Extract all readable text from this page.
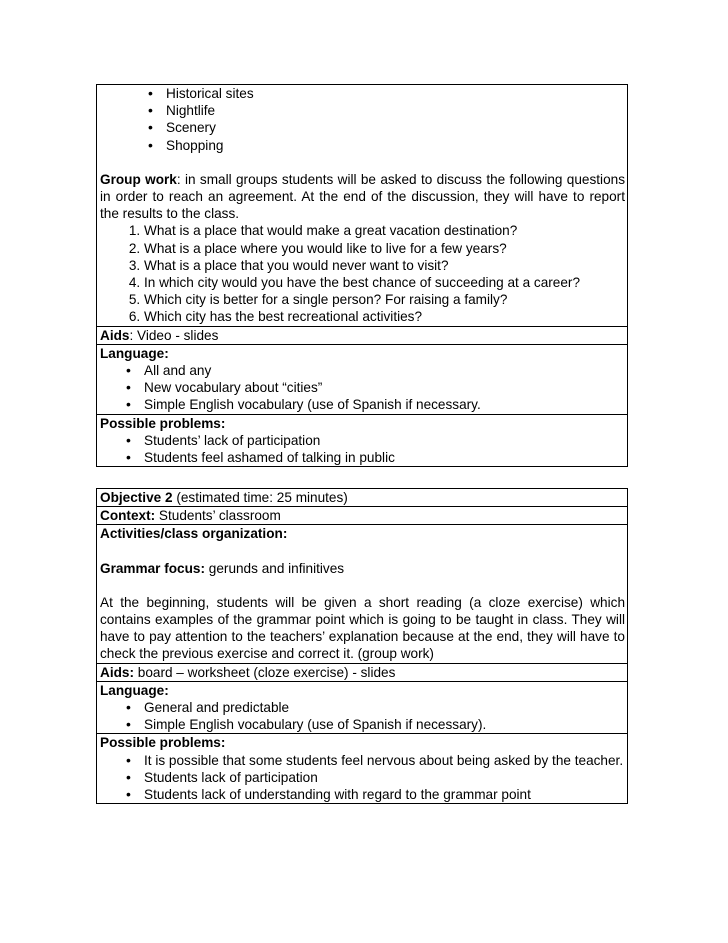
• Historical sites
• Nightlife
• Scenery
• Shopping
Group work: in small groups students will be asked to discuss the following questions in order to reach an agreement. At the end of the discussion, they will have to report the results to the class.
1. What is a place that would make a great vacation destination?
2. What is a place where you would like to live for a few years?
3. What is a place that you would never want to visit?
4. In which city would you have the best chance of succeeding at a career?
5. Which city is better for a single person? For raising a family?
6. Which city has the best recreational activities?
Aids: Video - slides
Language:
• All and any
• New vocabulary about “cities”
• Simple English vocabulary (use of Spanish if necessary.
Possible problems:
• Students’ lack of participation
• Students feel ashamed of talking in public
Objective 2 (estimated time: 25 minutes)
Context: Students’ classroom
Activities/class organization:
Grammar focus: gerunds and infinitives
At the beginning, students will be given a short reading (a cloze exercise) which contains examples of the grammar point which is going to be taught in class. They will have to pay attention to the teachers’ explanation because at the end, they will have to check the previous exercise and correct it. (group work)
Aids: board – worksheet (cloze exercise) - slides
Language:
• General and predictable
• Simple English vocabulary (use of Spanish if necessary).
Possible problems:
• It is possible that some students feel nervous about being asked by the teacher.
• Students lack of participation
• Students lack of understanding with regard to the grammar point
